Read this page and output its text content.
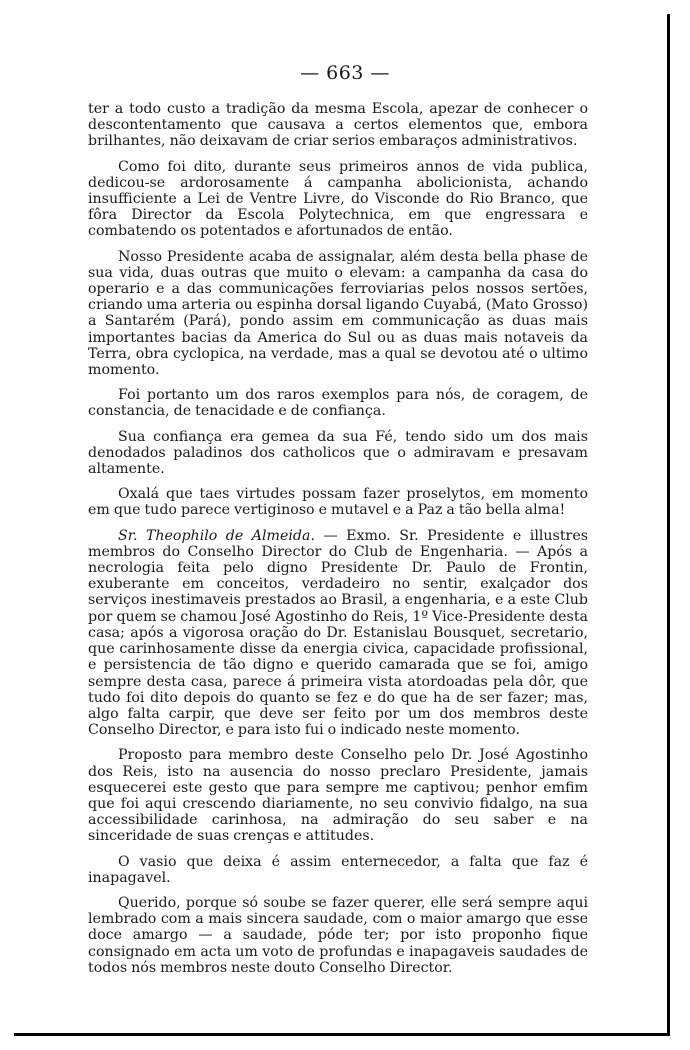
— 663 —

ter a todo custo a tradição da mesma Escola, apezar de conhecer o descontentamento que causava a certos elementos que, embora brilhantes, não deixavam de criar serios embaraços administrativos.

Como foi dito, durante seus primeiros annos de vida publica, dedicou-se ardorosamente á campanha abolicionista, achando insufficiente a Lei de Ventre Livre, do Visconde do Rio Branco, que fôra Director da Escola Polytechnica, em que engressara e combatendo os potentados e afortunados de então.

Nosso Presidente acaba de assignalar, além desta bella phase de sua vida, duas outras que muito o elevam: a campanha da casa do operario e a das communicações ferroviarias pelos nossos sertões, criando uma arteria ou espinha dorsal ligando Cuyabá, (Mato Grosso) a Santarém (Pará), pondo assim em communicação as duas mais importantes bacias da America do Sul ou as duas mais notaveis da Terra, obra cyclopica, na verdade, mas a qual se devotou até o ultimo momento.

Foi portanto um dos raros exemplos para nós, de coragem, de constancia, de tenacidade e de confiança.

Sua confiança era gemea da sua Fé, tendo sido um dos mais denodados paladinos dos catholicos que o admiravam e presavam altamente.

Oxalá que taes virtudes possam fazer proselytos, em momento em que tudo parece vertiginoso e mutavel e a Paz a tão bella alma!

Sr. Theophilo de Almeida. — Exmo. Sr. Presidente e illustres membros do Conselho Director do Club de Engenharia. — Após a necrologia feita pelo digno Presidente Dr. Paulo de Frontin, exuberante em conceitos, verdadeiro no sentir, exalçador dos serviços inestimaveis prestados ao Brasil, a engenharia, e a este Club por quem se chamou José Agostinho do Reis, 1º Vice-Presidente desta casa; após a vigorosa oração do Dr. Estanislau Bousquet, secretario, que carinhosamente disse da energia civica, capacidade profissional, e persistencia de tão digno e querido camarada que se foi, amigo sempre desta casa, parece á primeira vista atordoadas pela dôr, que tudo foi dito depois do quanto se fez e do que ha de ser fazer; mas, algo falta carpir, que deve ser feito por um dos membros deste Conselho Director, e para isto fui o indicado neste momento.

Proposto para membro deste Conselho pelo Dr. José Agostinho dos Reis, isto na ausencia do nosso preclaro Presidente, jamais esquecerei este gesto que para sempre me captivou; penhor emfim que foi aqui crescendo diariamente, no seu convivio fidalgo, na sua accessibilidade carinhosa, na admiração do seu saber e na sinceridade de suas crenças e attitudes.

O vasio que deixa é assim enternecedor, a falta que faz é inapagavel.

Querido, porque só soube se fazer querer, elle será sempre aqui lembrado com a mais sincera saudade, com o maior amargo que esse doce amargo — a saudade, póde ter; por isto proponho fique consignado em acta um voto de profundas e inapagaveis saudades de todos nós membros neste douto Conselho Director.
